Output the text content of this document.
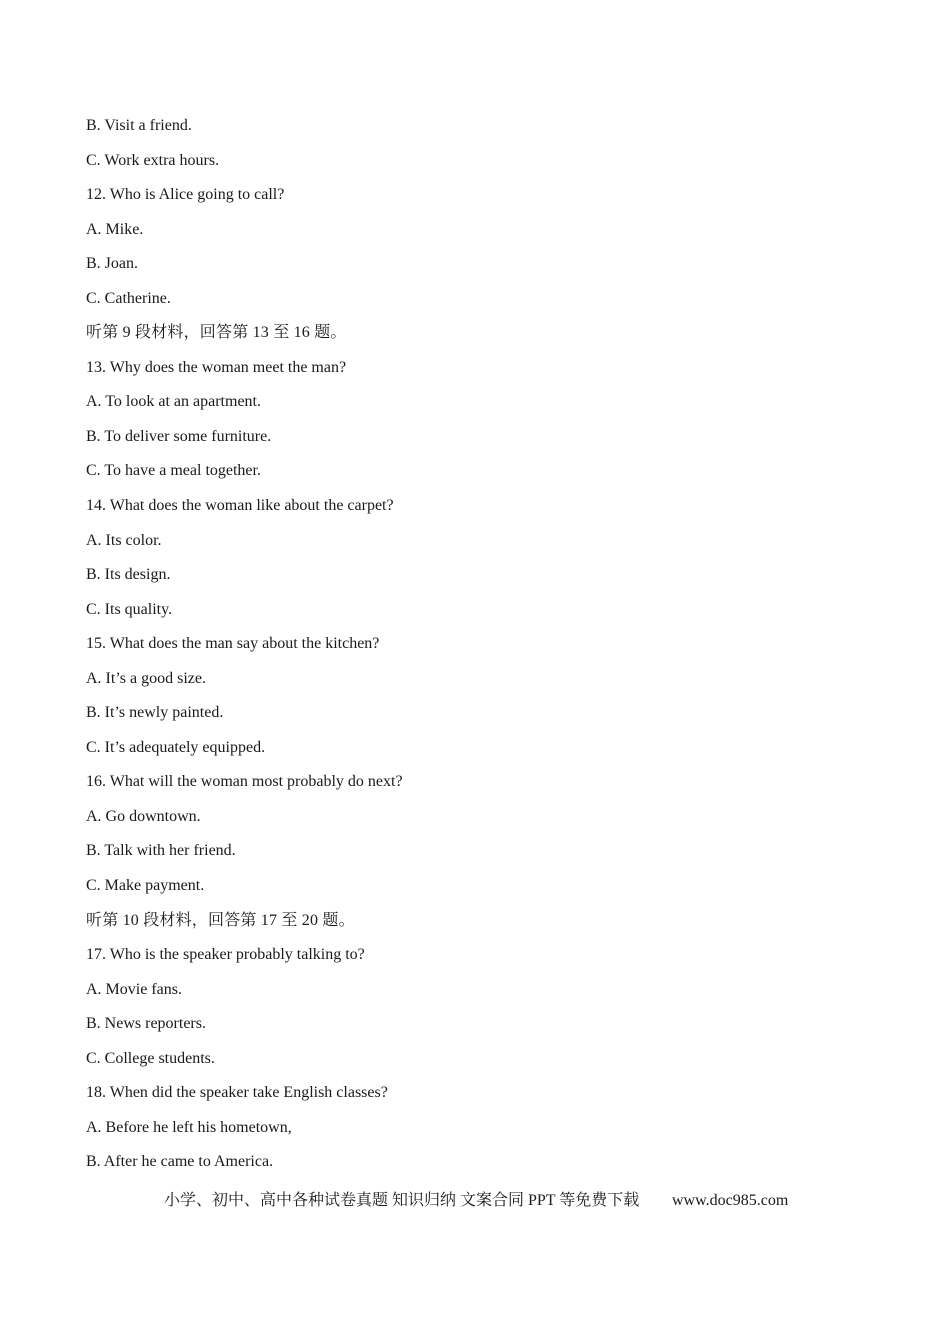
B. Visit a friend.
C. Work extra hours.
12. Who is Alice going to call?
A. Mike.
B. Joan.
C. Catherine.
听第 9 段材料，回答第 13 至 16 题。
13. Why does the woman meet the man?
A. To look at an apartment.
B. To deliver some furniture.
C. To have a meal together.
14. What does the woman like about the carpet?
A. Its color.
B. Its design.
C. Its quality.
15. What does the man say about the kitchen?
A. It’s a good size.
B. It’s newly painted.
C. It’s adequately equipped.
16. What will the woman most probably do next?
A. Go downtown.
B. Talk with her friend.
C. Make payment.
听第 10 段材料，回答第 17 至 20 题。
17. Who is the speaker probably talking to?
A. Movie fans.
B. News reporters.
C. College students.
18. When did the speaker take English classes?
A. Before he left his hometown,
B. After he came to America.
小学、初中、高中各种试卷真题 知识归纳 文案合同 PPT 等免费下载 www.doc985.com
